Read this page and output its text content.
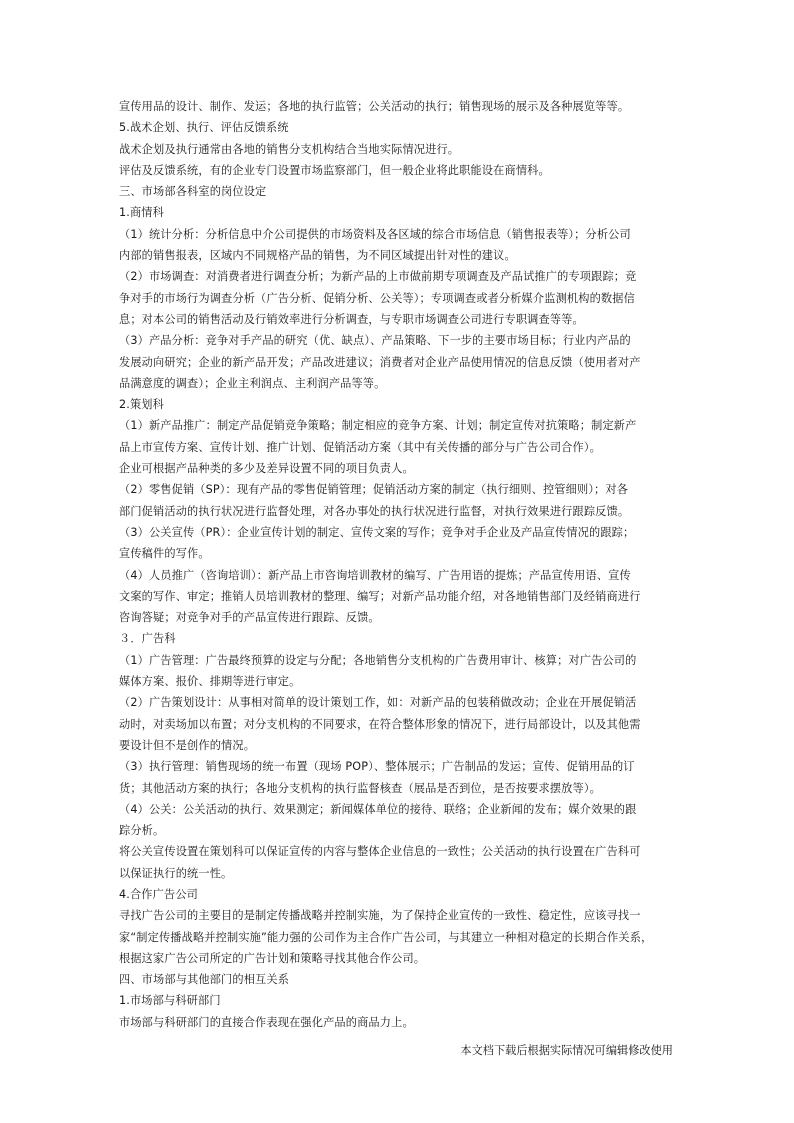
宣传用品的设计、制作、发运；各地的执行监管；公关活动的执行；销售现场的展示及各种展览等等。
5.战术企划、执行、评估反馈系统
战术企划及执行通常由各地的销售分支机构结合当地实际情况进行。
评估及反馈系统，有的企业专门设置市场监察部门，但一般企业将此职能设在商情科。
三、市场部各科室的岗位设定
1.商情科
（1）统计分析：分析信息中介公司提供的市场资料及各区域的综合市场信息（销售报表等）；分析公司
内部的销售报表，区域内不同规格产品的销售，为不同区域提出针对性的建议。
（2）市场调查：对消费者进行调查分析；为新产品的上市做前期专项调查及产品试推广的专项跟踪；竞
争对手的市场行为调查分析（广告分析、促销分析、公关等）；专项调查或者分析媒介监测机构的数据信
息；对本公司的销售活动及行销效率进行分析调查，与专职市场调查公司进行专职调查等等。
（3）产品分析：竞争对手产品的研究（优、缺点）、产品策略、下一步的主要市场目标；行业内产品的
发展动向研究；企业的新产品开发；产品改进建议；消费者对企业产品使用情况的信息反馈（使用者对产
品满意度的调查）；企业主利润点、主利润产品等等。
2.策划科
（1）新产品推广：制定产品促销竞争策略；制定相应的竞争方案、计划；制定宣传对抗策略；制定新产
品上市宣传方案、宣传计划、推广计划、促销活动方案（其中有关传播的部分与广告公司合作）。
企业可根据产品种类的多少及差异设置不同的项目负责人。
（2）零售促销（SP）：现有产品的零售促销管理；促销活动方案的制定（执行细则、控管细则）；对各
部门促销活动的执行状况进行监督处理，对各办事处的执行状况进行监督，对执行效果进行跟踪反馈。
（3）公关宣传（PR）：企业宣传计划的制定、宣传文案的写作；竞争对手企业及产品宣传情况的跟踪；
宣传稿件的写作。
（4）人员推广（咨询培训）：新产品上市咨询培训教材的编写、广告用语的提炼；产品宣传用语、宣传
文案的写作、审定；推销人员培训教材的整理、编写；对新产品功能介绍，对各地销售部门及经销商进行
咨询答疑；对竞争对手的产品宣传进行跟踪、反馈。
３．广告科
（1）广告管理：广告最终预算的设定与分配；各地销售分支机构的广告费用审计、核算；对广告公司的
媒体方案、报价、排期等进行审定。
（2）广告策划设计：从事相对简单的设计策划工作，如：对新产品的包装稍做改动；企业在开展促销活
动时，对卖场加以布置；对分支机构的不同要求，在符合整体形象的情况下，进行局部设计，以及其他需
要设计但不是创作的情况。
（3）执行管理：销售现场的统一布置（现场 POP）、整体展示；广告制品的发运；宣传、促销用品的订
货；其他活动方案的执行；各地分支机构的执行监督核查（展品是否到位，是否按要求摆放等）。
（4）公关：公关活动的执行、效果测定；新闻媒体单位的接待、联络；企业新闻的发布；媒介效果的跟
踪分析。
将公关宣传设置在策划科可以保证宣传的内容与整体企业信息的一致性；公关活动的执行设置在广告科可
以保证执行的统一性。
4.合作广告公司
寻找广告公司的主要目的是制定传播战略并控制实施，为了保持企业宣传的一致性、稳定性，应该寻找一
家“制定传播战略并控制实施”能力强的公司作为主合作广告公司，与其建立一种相对稳定的长期合作关系，
根据这家广告公司所定的广告计划和策略寻找其他合作公司。
四、市场部与其他部门的相互关系
1.市场部与科研部门
市场部与科研部门的直接合作表现在强化产品的商品力上。
本文档下载后根据实际情况可编辑修改使用
